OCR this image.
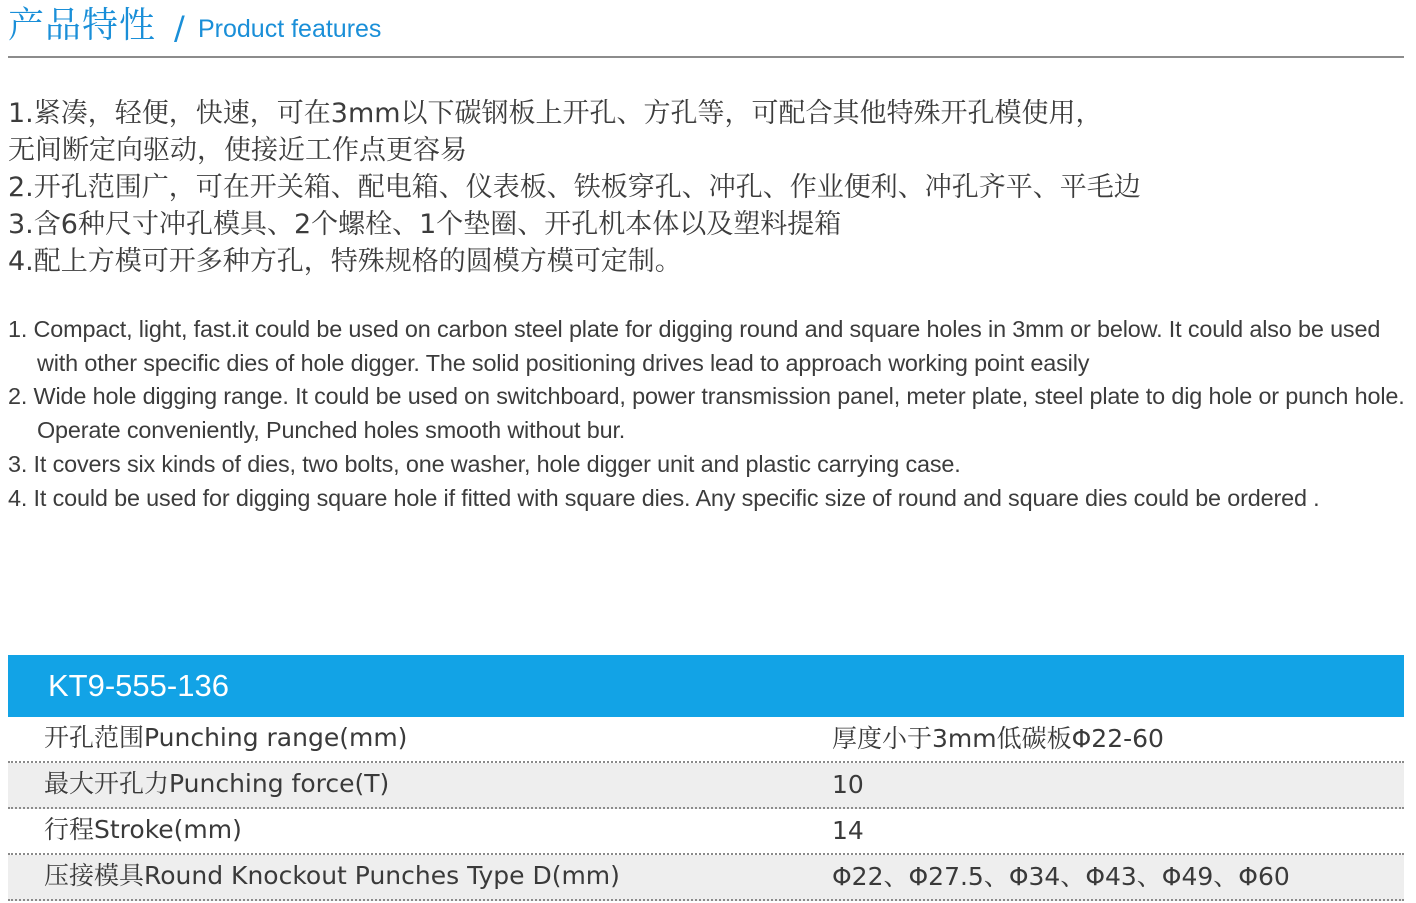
产品特性 / Product features
1.紧凑，轻便，快速，可在3mm以下碳钢板上开孔、方孔等，可配合其他特殊开孔模使用，
无间断定向驱动，使接近工作点更容易
2.开孔范围广，可在开关箱、配电箱、仪表板、铁板穿孔、冲孔、作业便利、冲孔齐平、平毛边
3.含6种尺寸冲孔模具、2个螺栓、1个垫圈、开孔机本体以及塑料提箱
4.配上方模可开多种方孔，特殊规格的圆模方模可定制。
1. Compact, light, fast.it could be used on carbon steel plate for digging round and square holes in 3mm or below. It could also be used with other specific dies of hole digger. The solid positioning drives lead to approach working point easily
2. Wide hole digging range. It could be used on switchboard, power transmission panel, meter plate, steel plate to dig hole or punch hole. Operate conveniently, Punched holes smooth without bur.
3. It covers six kinds of dies, two bolts, one washer, hole digger unit and plastic carrying case.
4. It could be used for digging square hole if fitted with square dies. Any specific size of round and square dies could be ordered .
KT9-555-136
开孔范围Punching range(mm)	厚度小于3mm低碳板Φ22-60
最大开孔力Punching force(T)	10
行程Stroke(mm)	14
压接模具Round Knockout Punches Type D(mm)	Φ22、Φ27.5、Φ34、Φ43、Φ49、Φ60
